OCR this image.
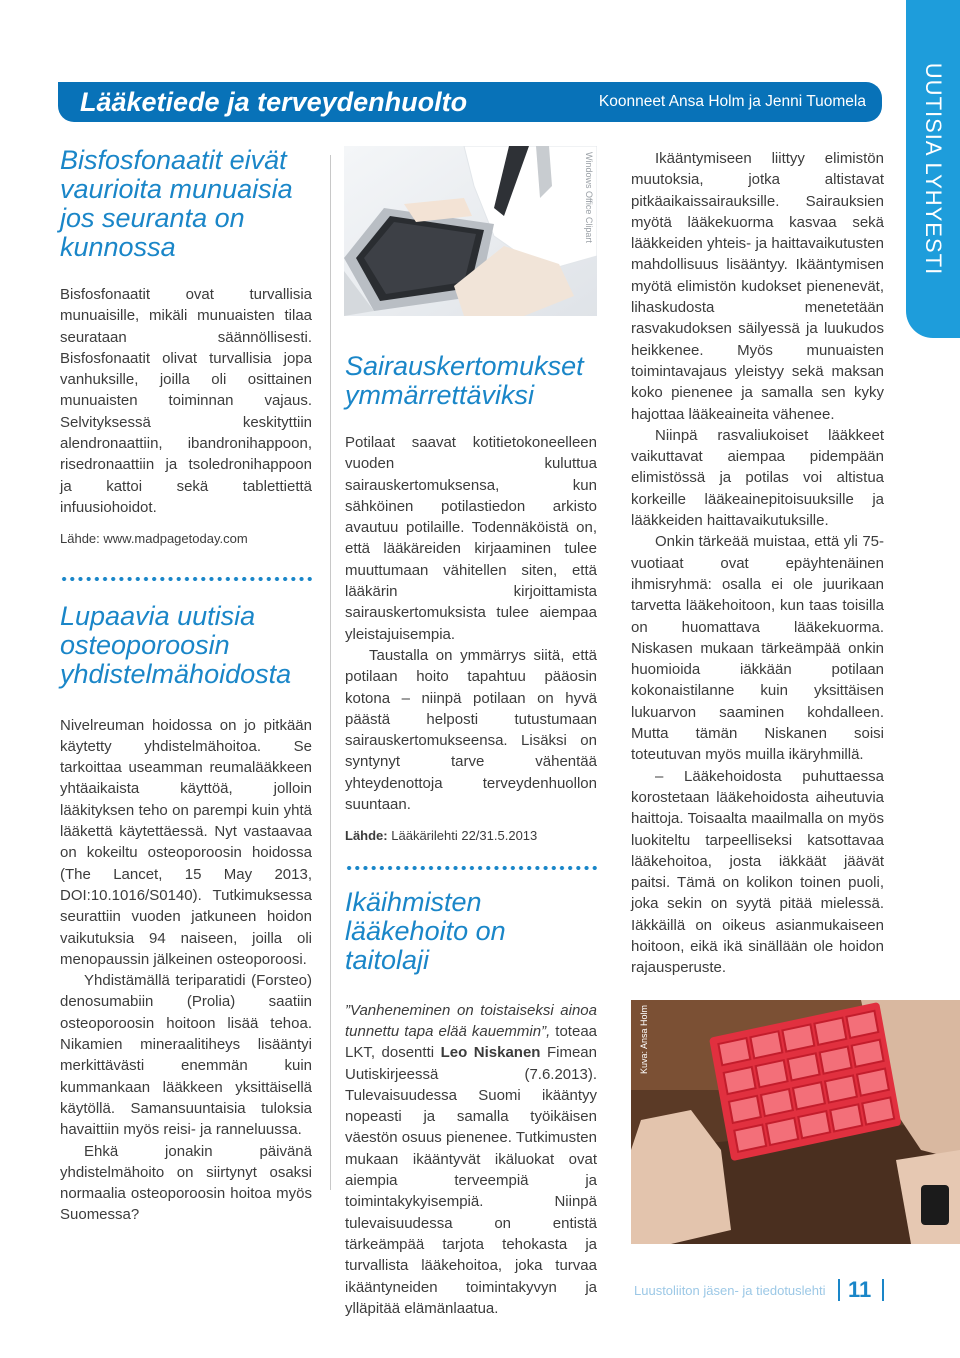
UUTISIA LYHYESTI
Lääketiede ja terveydenhuolto	Koonneet Ansa Holm ja Jenni Tuomela
Bisfosfonaatit eivät vaurioita munuaisia jos seuranta on kunnossa

Bisfosfonaatit ovat turvallisia munuaisille, mikäli munuaisten tilaa seurataan säännöllisesti. Bisfosfonaatit olivat turvallisia jopa vanhuksille, joilla oli osittainen munuaisten toiminnan vajaus. Selvityksessä keskityttiin alendronaattiin, ibandronihappoon, risedronaattiin ja tsoledronihappoon ja kattoi sekä tablettiettä infuusiohoidot.

Lähde: www.madpagetoday.com

Lupaavia uutisia osteoporoosin yhdistelmähoidosta

Nivelreuman hoidossa on jo pitkään käytetty yhdistelmähoitoa. Se tarkoittaa useamman reumalääkkeen yhtäaikaista käyttöä, jolloin lääkityksen teho on parempi kuin yhtä lääkettä käytettäessä. Nyt vastaavaa on kokeiltu osteoporoosin hoidossa (The Lancet, 15 May 2013, DOI:10.1016/S0140). Tutkimuksessa seurattiin vuoden jatkuneen hoidon vaikutuksia 94 naiseen, joilla oli menopaussin jälkeinen osteoporoosi.

Yhdistämällä teriparatidi (Forsteo) denosumabiin (Prolia) saatiin osteoporoosin hoitoon lisää tehoa. Nikamien mineraalitiheys lisääntyi merkittävästi enemmän kuin kummankaan lääkkeen yksittäisellä käytöllä. Samansuuntaisia tuloksia havaittiin myös reisi- ja ranneluussa.

Ehkä jonakin päivänä yhdistelmähoito on siirtynyt osaksi normaalia osteoporoosin hoitoa myös Suomessa?

Windows Office Clipart
Sairauskertomukset ymmärrettäviksi

Potilaat saavat kotitietokoneelleen vuoden kuluttua sairauskertomuksensa, kun sähköinen potilastiedon arkisto avautuu potilaille. Todennäköistä on, että lääkäreiden kirjaaminen tulee muuttumaan vähitellen siten, että lääkärin kirjoittamista sairauskertomuksista tulee aiempaa yleistajuisempia.

Taustalla on ymmärrys siitä, että potilaan hoito tapahtuu pääosin kotona – niinpä potilaan on hyvä päästä helposti tutustumaan sairauskertomukseensa. Lisäksi on syntynyt tarve vähentää yhteydenottoja terveydenhuollon suuntaan.

Lähde: Lääkärilehti 22/31.5.2013

Ikäihmisten lääkehoito on taitolaji

”Vanheneminen on toistaiseksi ainoa tunnettu tapa elää kauemmin”, toteaa LKT, dosentti Leo Niskanen Fimean Uutiskirjeessä (7.6.2013). Tulevaisuudessa Suomi ikääntyy nopeasti ja samalla työikäisen väestön osuus pienenee. Tutkimusten mukaan ikääntyvät ikäluokat ovat aiempia terveempiä ja toimintakykyisempiä. Niinpä tulevaisuudessa on entistä tärkeämpää tarjota tehokasta ja turvallista lääkehoitoa, joka turvaa ikääntyneiden toimintakyvyn ja ylläpitää elämänlaatua.

Ikääntymiseen liittyy elimistön muutoksia, jotka altistavat pitkäaikaissairauksille. Sairauksien myötä lääkekuorma kasvaa sekä lääkkeiden yhteis- ja haittavaikutusten mahdollisuus lisääntyy. Ikääntymisen myötä elimistön kudokset pienenevät, lihaskudosta menetetään rasvakudoksen säilyessä ja luukudos heikkenee. Myös munuaisten toimintavajaus yleistyy sekä maksan koko pienenee ja samalla sen kyky hajottaa lääkeaineita vähenee.

Niinpä rasvaliukoiset lääkkeet vaikuttavat aiempaa pidempään elimistössä ja potilas voi altistua korkeille lääkeainepitoisuuksille ja lääkkeiden haittavaikutuksille.

Onkin tärkeää muistaa, että yli 75-vuotiaat ovat epäyhtenäinen ihmisryhmä: osalla ei ole juurikaan tarvetta lääkehoitoon, kun taas toisilla on huomattava lääkekuorma. Niskasen mukaan tärkeämpää onkin huomioida iäkkään potilaan kokonaistilanne kuin yksittäisen lukuarvon saaminen kohdalleen. Mutta tämän Niskanen soisi toteutuvan myös muilla ikäryhmillä.

– Lääkehoidosta puhuttaessa korostetaan lääkehoidosta aiheutuvia haittoja. Toisaalta maailmalla on myös luokiteltu tarpeelliseksi katsottavaa lääkehoitoa, josta iäkkäät jäävät paitsi. Tämä on kolikon toinen puoli, joka sekin on syytä pitää mielessä. Iäkkäillä on oikeus asianmukaiseen hoitoon, eikä ikä sinällään ole hoidon rajausperuste.

Kuva: Ansa Holm
Luustoliiton jäsen- ja tiedotuslehti 11
